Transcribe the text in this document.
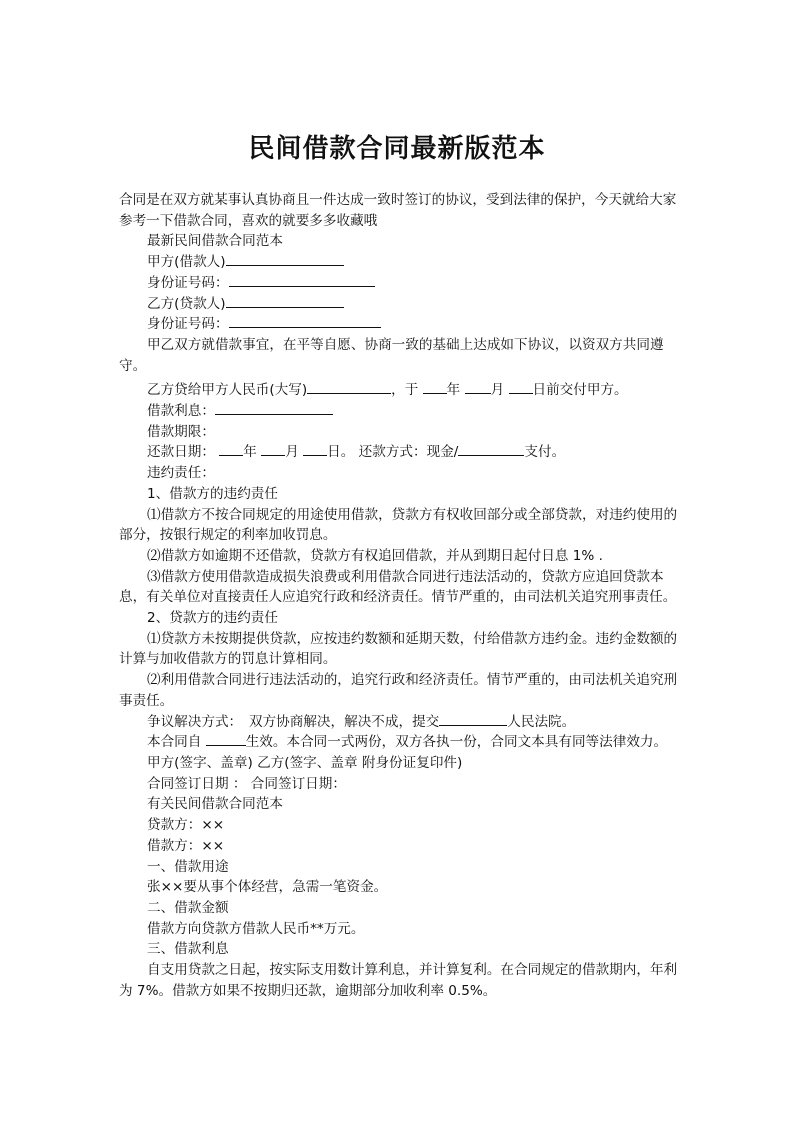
民间借款合同最新版范本

合同是在双方就某事认真协商且一件达成一致时签订的协议，受到法律的保护，今天就给大家参考一下借款合同，喜欢的就要多多收藏哦

最新民间借款合同范本

甲方(借款人)

身份证号码：

乙方(贷款人)

身份证号码：

甲乙双方就借款事宜，在平等自愿、协商一致的基础上达成如下协议，以资双方共同遵守。

乙方贷给甲方人民币(大写)	，于 年 月 日前交付甲方。

借款利息：

借款期限：

还款日期： 年 月 日。 还款方式：现金/	支付。

违约责任：

1、借款方的违约责任

⑴借款方不按合同规定的用途使用借款，贷款方有权收回部分或全部贷款，对违约使用的部分，按银行规定的利率加收罚息。

⑵借款方如逾期不还借款，贷款方有权追回借款，并从到期日起付日息 1% .

⑶借款方使用借款造成损失浪费或利用借款合同进行违法活动的，贷款方应追回贷款本息，有关单位对直接责任人应追究行政和经济责任。情节严重的，由司法机关追究刑事责任。

2、贷款方的违约责任

⑴贷款方未按期提供贷款，应按违约数额和延期天数，付给借款方违约金。违约金数额的计算与加收借款方的罚息计算相同。

⑵利用借款合同进行违法活动的，追究行政和经济责任。情节严重的，由司法机关追究刑事责任。

争议解决方式：　双方协商解决，解决不成，提交	人民法院。

本合同自	生效。本合同一式两份，双方各执一份，合同文本具有同等法律效力。

甲方(签字、盖章) 乙方(签字、盖章 附身份证复印件)

合同签订日期 ： 合同签订日期：

有关民间借款合同范本

贷款方：××

借款方：××

一、借款用途

张××要从事个体经营，急需一笔资金。

二、借款金额

借款方向贷款方借款人民币**万元。

三、借款利息

自支用贷款之日起，按实际支用数计算利息，并计算复利。在合同规定的借款期内，年利为 7%。借款方如果不按期归还款，逾期部分加收利率 0.5%。
